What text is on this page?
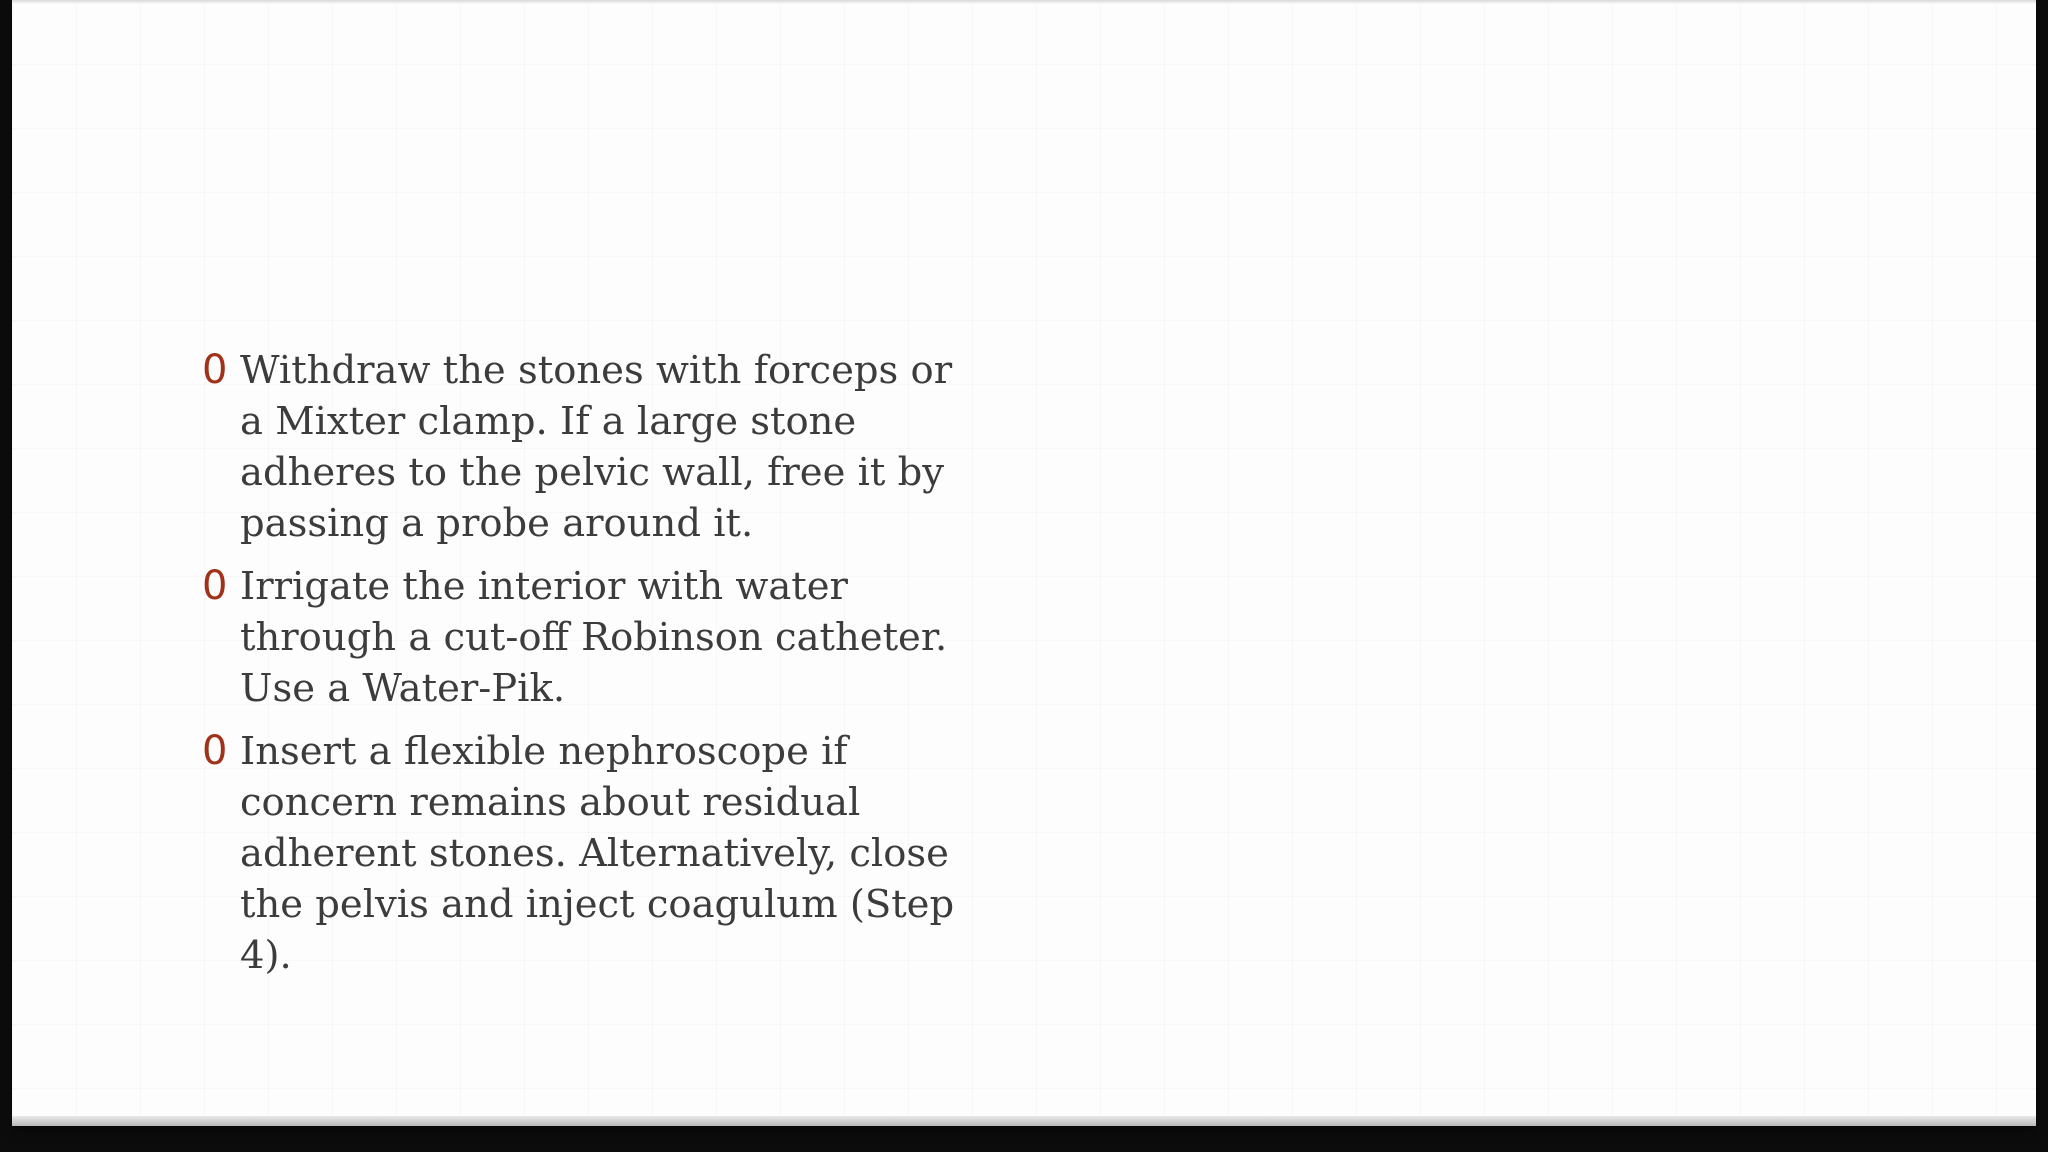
0 Withdraw the stones with forceps or
a Mixter clamp. If a large stone
adheres to the pelvic wall, free it by
passing a probe around it.
0 Irrigate the interior with water
through a cut-off Robinson catheter.
Use a Water-Pik.
0 Insert a flexible nephroscope if
concern remains about residual
adherent stones. Alternatively, close
the pelvis and inject coagulum (Step
4).
